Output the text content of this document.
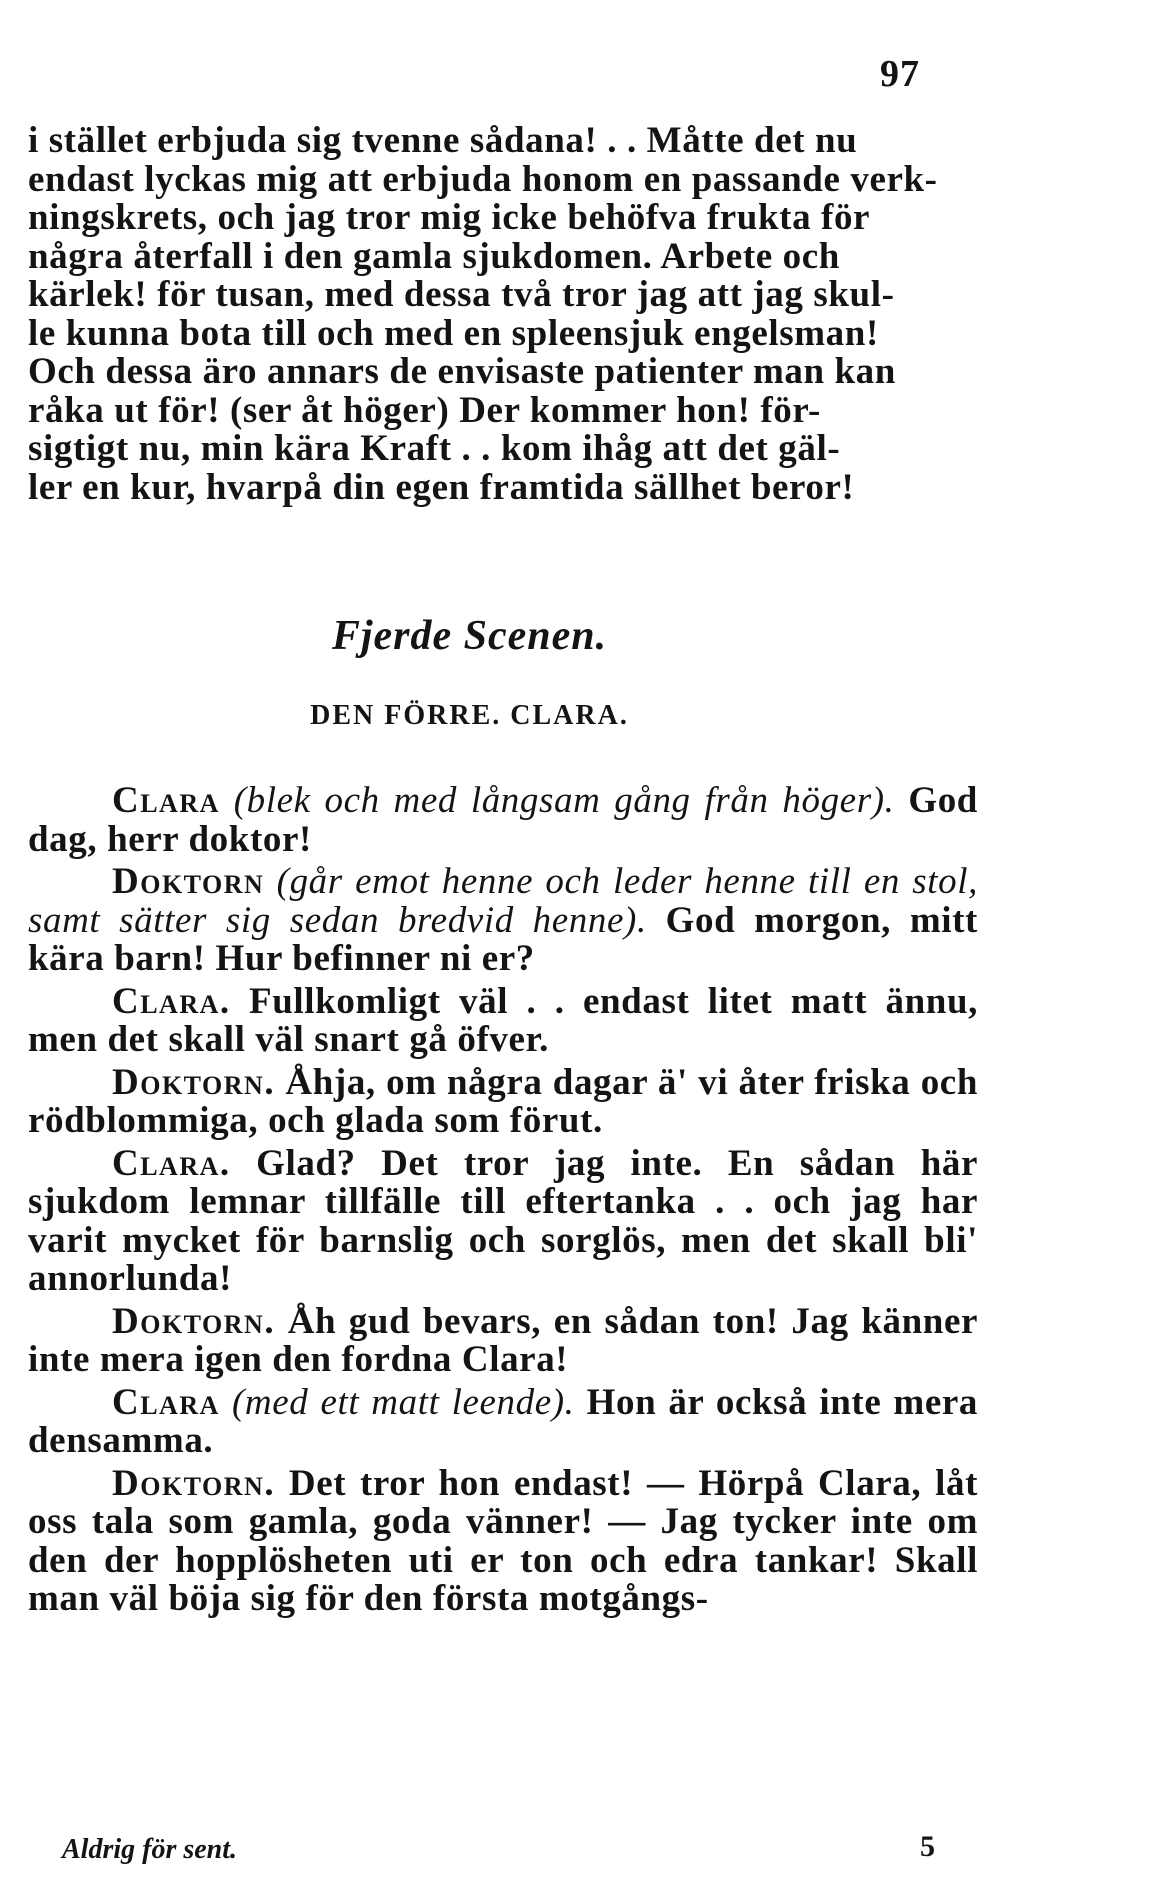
97
i stället erbjuda sig tvenne sådana! . . Måtte det nu
endast lyckas mig att erbjuda honom en passande verk-
ningskrets, och jag tror mig icke behöfva frukta för
några återfall i den gamla sjukdomen. Arbete och
kärlek! för tusan, med dessa två tror jag att jag skul-
le kunna bota till och med en spleensjuk engelsman!
Och dessa äro annars de envisaste patienter man kan
råka ut för! (ser åt höger) Der kommer hon! för-
sigtigt nu, min kära Kraft . . kom ihåg att det gäl-
ler en kur, hvarpå din egen framtida sällhet beror!
Fjerde Scenen.
DEN FÖRRE. CLARA.

Clara (blek och med långsam gång från höger). God dag, herr doktor!

Doktorn (går emot henne och leder henne till en stol, samt sätter sig sedan bredvid henne). God morgon, mitt kära barn! Hur befinner ni er?

Clara. Fullkomligt väl . . endast litet matt ännu, men det skall väl snart gå öfver.

Doktorn. Åhja, om några dagar ä' vi åter friska och rödblommiga, och glada som förut.

Clara. Glad? Det tror jag inte. En sådan här sjukdom lemnar tillfälle till eftertanka . . och jag har varit mycket för barnslig och sorglös, men det skall bli' annorlunda!

Doktorn. Åh gud bevars, en sådan ton! Jag känner inte mera igen den fordna Clara!

Clara (med ett matt leende). Hon är också inte mera densamma.

Doktorn. Det tror hon endast! — Hörpå Clara, låt oss tala som gamla, goda vänner! — Jag tycker inte om den der hopplösheten uti er ton och edra tankar! Skall man väl böja sig för den första motgångs-

Aldrig för sent.	5
